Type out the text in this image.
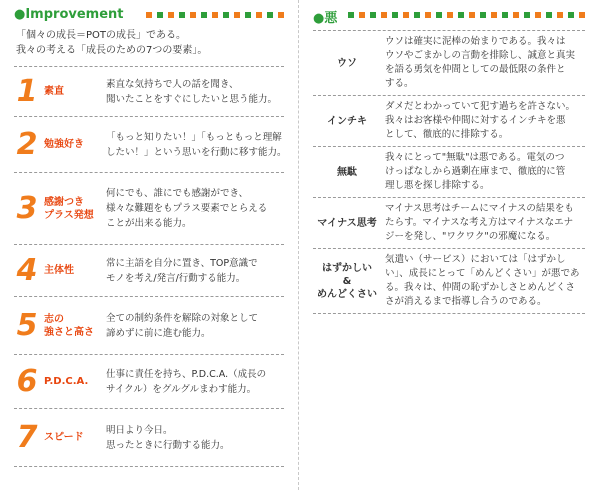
●Improvement
「個々の成長＝POTの成長」である。
我々の考える「成長のための7つの要素」。
1 素直
素直な気持ちで人の話を聞き、
聞いたことをすぐにしたいと思う能力。
2 勉強好き
「もっと知りたい！」「もっともっと理解
したい！」という思いを行動に移す能力。
3 感謝つき
プラス発想
何にでも、誰にでも感謝ができ、
様々な難題をもプラス要素でとらえる
ことが出来る能力。
4 主体性
常に主語を自分に置き、TOP意識で
モノを考え/発言/行動する能力。
5 志の
強さと高さ
全ての制約条件を解除の対象として
諦めずに前に進む能力。
6 P.D.C.A.
仕事に責任を持ち、P.D.C.A.（成長の
サイクル）をグルグルまわす能力。
7 スピード
明日より今日。
思ったときに行動する能力。
●悪
ウソ
ウソは確実に泥棒の始まりである。我々は
ウソやごまかしの言動を排除し、誠意と真実
を語る勇気を仲間としての最低限の条件と
する。
インチキ
ダメだとわかっていて犯す過ちを許さない。
我々はお客様や仲間に対するインチキを悪
として、徹底的に排除する。
無駄
我々にとって"無駄"は悪である。電気のつ
けっぱなしから過剰在庫まで、徹底的に管
理し悪を探し排除する。
マイナス思考
マイナス思考はチームにマイナスの結果をも
たらす。マイナスな考え方はマイナスなエナ
ジーを発し、"ワクワク"の邪魔になる。
はずかしい
&
めんどくさい
気遣い（サービス）においては「はずかし
い」、成長にとって「めんどくさい」が悪であ
る。我々は、仲間の恥ずかしさとめんどくさ
さが消えるまで指導し合うのである。
